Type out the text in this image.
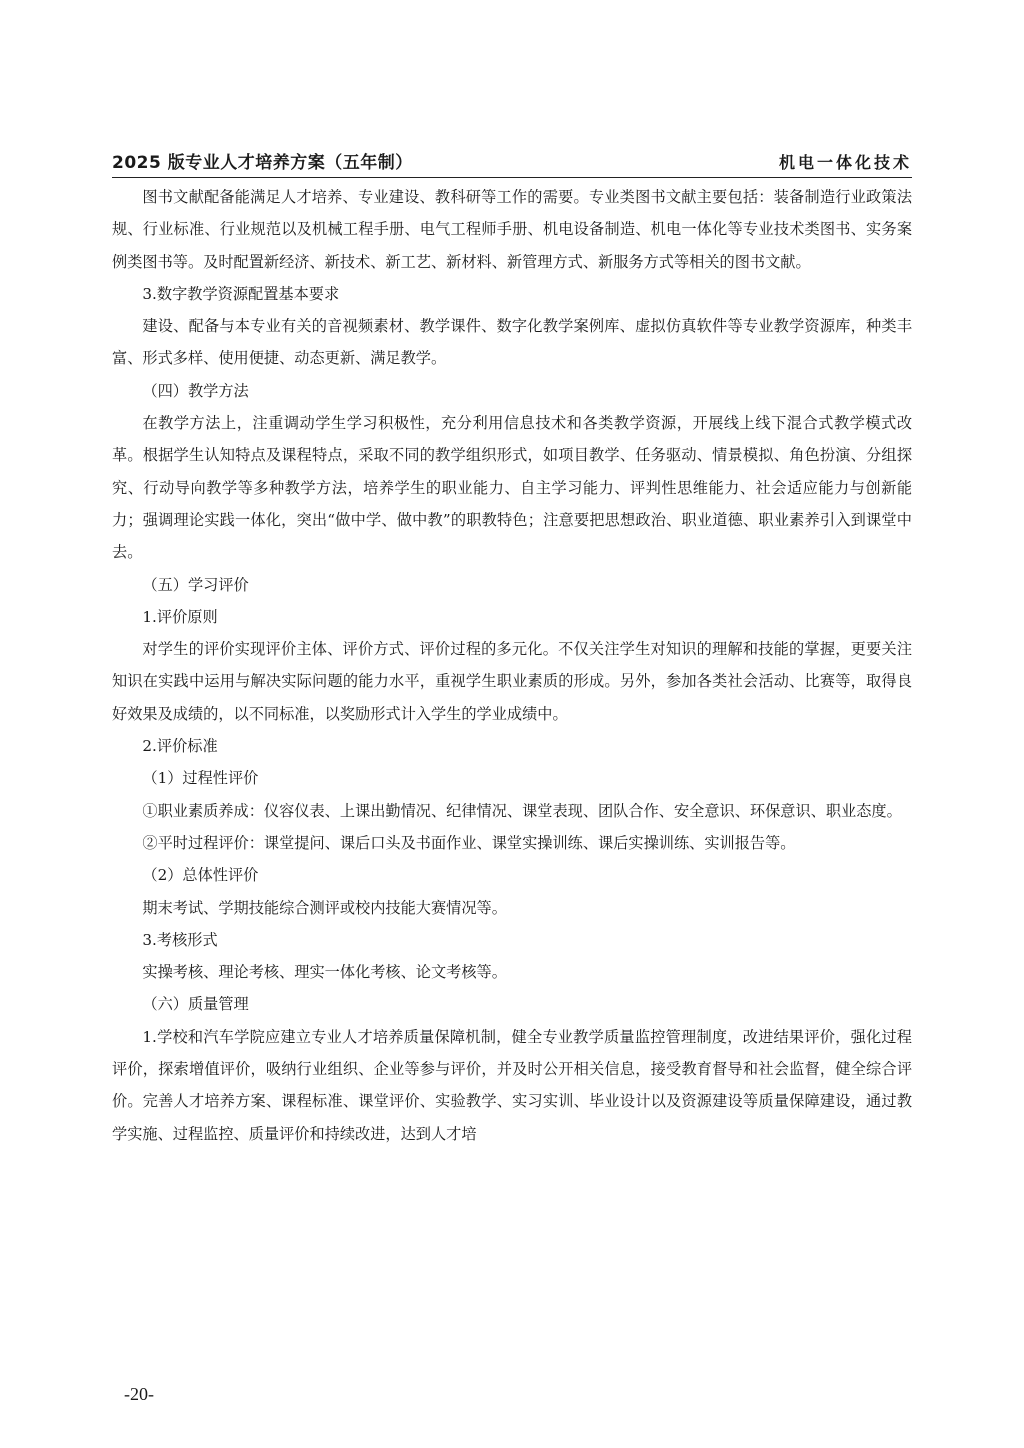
2025 版专业人才培养方案（五年制）	机电一体化技术

图书文献配备能满足人才培养、专业建设、教科研等工作的需要。专业类图书文献主要包括：装备制造行业政策法规、行业标准、行业规范以及机械工程手册、电气工程师手册、机电设备制造、机电一体化等专业技术类图书、实务案例类图书等。及时配置新经济、新技术、新工艺、新材料、新管理方式、新服务方式等相关的图书文献。

3.数字教学资源配置基本要求

建设、配备与本专业有关的音视频素材、教学课件、数字化教学案例库、虚拟仿真软件等专业教学资源库，种类丰富、形式多样、使用便捷、动态更新、满足教学。

（四）教学方法

在教学方法上，注重调动学生学习积极性，充分利用信息技术和各类教学资源，开展线上线下混合式教学模式改革。根据学生认知特点及课程特点，采取不同的教学组织形式，如项目教学、任务驱动、情景模拟、角色扮演、分组探究、行动导向教学等多种教学方法，培养学生的职业能力、自主学习能力、评判性思维能力、社会适应能力与创新能力；强调理论实践一体化，突出“做中学、做中教”的职教特色；注意要把思想政治、职业道德、职业素养引入到课堂中去。

（五）学习评价

1.评价原则

对学生的评价实现评价主体、评价方式、评价过程的多元化。不仅关注学生对知识的理解和技能的掌握，更要关注知识在实践中运用与解决实际问题的能力水平，重视学生职业素质的形成。另外，参加各类社会活动、比赛等，取得良好效果及成绩的，以不同标准，以奖励形式计入学生的学业成绩中。

2.评价标准

（1）过程性评价

①职业素质养成：仪容仪表、上课出勤情况、纪律情况、课堂表现、团队合作、安全意识、环保意识、职业态度。

②平时过程评价：课堂提问、课后口头及书面作业、课堂实操训练、课后实操训练、实训报告等。

（2）总体性评价

期末考试、学期技能综合测评或校内技能大赛情况等。

3.考核形式

实操考核、理论考核、理实一体化考核、论文考核等。

（六）质量管理

1.学校和汽车学院应建立专业人才培养质量保障机制，健全专业教学质量监控管理制度，改进结果评价，强化过程评价，探索增值评价，吸纳行业组织、企业等参与评价，并及时公开相关信息，接受教育督导和社会监督，健全综合评价。完善人才培养方案、课程标准、课堂评价、实验教学、实习实训、毕业设计以及资源建设等质量保障建设，通过教学实施、过程监控、质量评价和持续改进，达到人才培

-20-
